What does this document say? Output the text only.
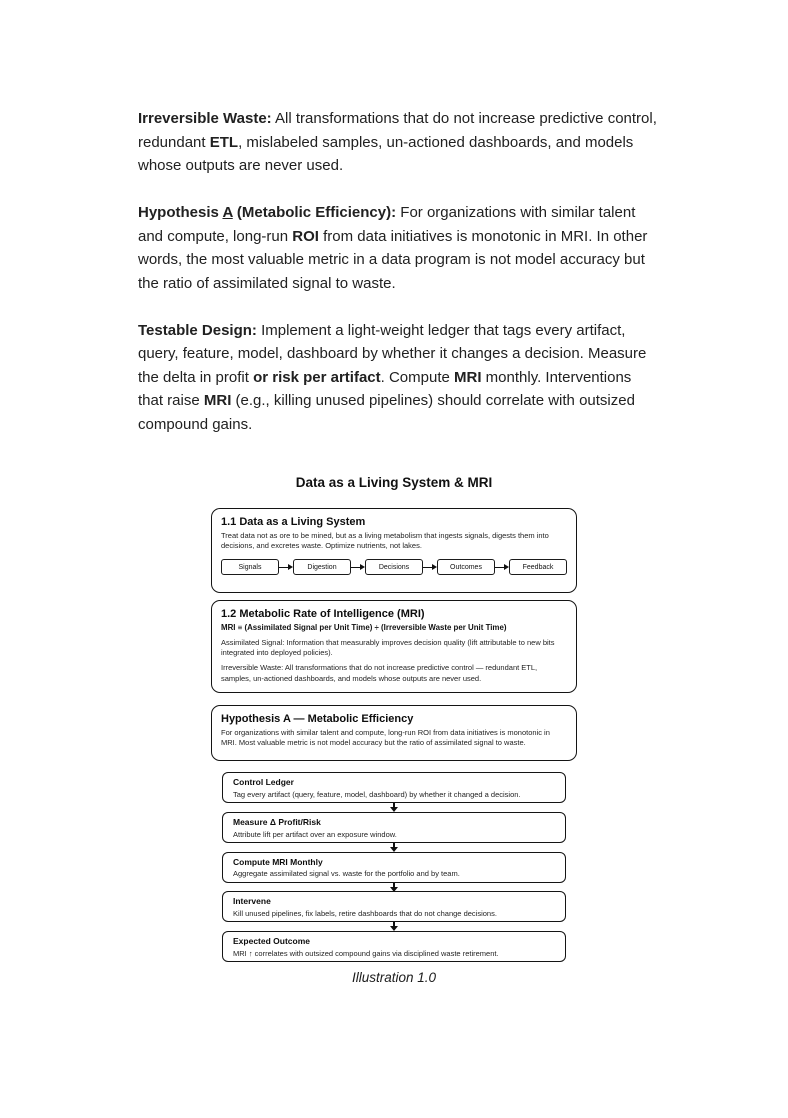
Irreversible Waste: All transformations that do not increase predictive control, redundant ETL, mislabeled samples, un-actioned dashboards, and models whose outputs are never used.

Hypothesis A (Metabolic Efficiency): For organizations with similar talent and compute, long-run ROI from data initiatives is monotonic in MRI. In other words, the most valuable metric in a data program is not model accuracy but the ratio of assimilated signal to waste.

Testable Design: Implement a light-weight ledger that tags every artifact, query, feature, model, dashboard by whether it changes a decision. Measure the delta in profit or risk per artifact. Compute MRI monthly. Interventions that raise MRI (e.g., killing unused pipelines) should correlate with outsized compound gains.

Data as a Living System & MRI

1.1 Data as a Living System

Treat data not as ore to be mined, but as a living metabolism that ingests signals, digests them into decisions, and excretes waste. Optimize nutrients, not lakes.

Signals	Digestion	Decisions	Outcomes	Feedback

1.2 Metabolic Rate of Intelligence (MRI)

MRI ≡ (Assimilated Signal per Unit Time) ÷ (Irreversible Waste per Unit Time)

Assimilated Signal: Information that measurably improves decision quality (lift attributable to new bits integrated into deployed policies).

Irreversible Waste: All transformations that do not increase predictive control — redundant ETL, samples, un-actioned dashboards, and models whose outputs are never used.

Hypothesis A — Metabolic Efficiency

For organizations with similar talent and compute, long-run ROI from data initiatives is monotonic in MRI. Most valuable metric is not model accuracy but the ratio of assimilated signal to waste.

Control Ledger

Tag every artifact (query, feature, model, dashboard) by whether it changed a decision.

Measure Δ Profit/Risk

Attribute lift per artifact over an exposure window.

Compute MRI Monthly

Aggregate assimilated signal vs. waste for the portfolio and by team.

Intervene

Kill unused pipelines, fix labels, retire dashboards that do not change decisions.

Expected Outcome

MRI ↑ correlates with outsized compound gains via disciplined waste retirement.

Illustration 1.0
